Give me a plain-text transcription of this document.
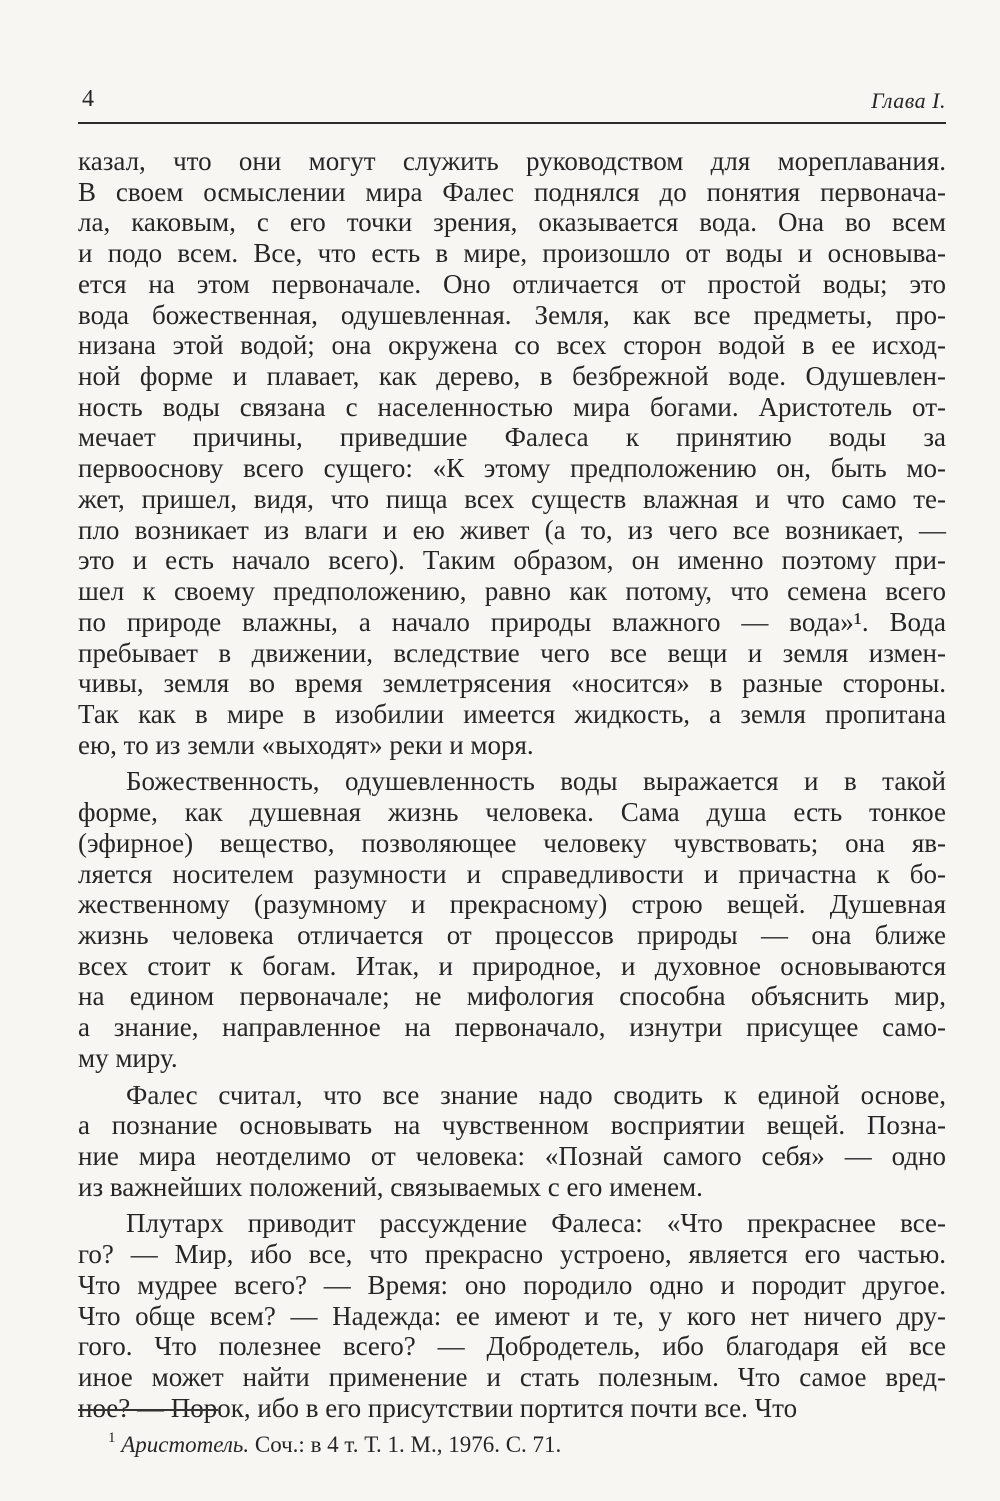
4	Глава I.
казал, что они могут служить руководством для мореплавания.
В своем осмыслении мира Фалес поднялся до понятия первонача-
ла, каковым, с его точки зрения, оказывается вода. Она во всем
и подо всем. Все, что есть в мире, произошло от воды и основыва-
ется на этом первоначале. Оно отличается от простой воды; это
вода божественная, одушевленная. Земля, как все предметы, про-
низана этой водой; она окружена со всех сторон водой в ее исход-
ной форме и плавает, как дерево, в безбрежной воде. Одушевлен-
ность воды связана с населенностью мира богами. Аристотель от-
мечает причины, приведшие Фалеса к принятию воды за
первооснову всего сущего: «К этому предположению он, быть мо-
жет, пришел, видя, что пища всех существ влажная и что само те-
пло возникает из влаги и ею живет (а то, из чего все возникает, —
это и есть начало всего). Таким образом, он именно поэтому при-
шел к своему предположению, равно как потому, что семена всего
по природе влажны, а начало природы влажного — вода»¹. Вода
пребывает в движении, вследствие чего все вещи и земля измен-
чивы, земля во время землетрясения «носится» в разные стороны.
Так как в мире в изобилии имеется жидкость, а земля пропитана
ею, то из земли «выходят» реки и моря.
Божественность, одушевленность воды выражается и в такой
форме, как душевная жизнь человека. Сама душа есть тонкое
(эфирное) вещество, позволяющее человеку чувствовать; она яв-
ляется носителем разумности и справедливости и причастна к бо-
жественному (разумному и прекрасному) строю вещей. Душевная
жизнь человека отличается от процессов природы — она ближе
всех стоит к богам. Итак, и природное, и духовное основываются
на едином первоначале; не мифология способна объяснить мир,
а знание, направленное на первоначало, изнутри присущее само-
му миру.
Фалес считал, что все знание надо сводить к единой основе,
а познание основывать на чувственном восприятии вещей. Позна-
ние мира неотделимо от человека: «Познай самого себя» — одно
из важнейших положений, связываемых с его именем.
Плутарх приводит рассуждение Фалеса: «Что прекраснее все-
го? — Мир, ибо все, что прекрасно устроено, является его частью.
Что мудрее всего? — Время: оно породило одно и породит другое.
Что обще всем? — Надежда: ее имеют и те, у кого нет ничего дру-
гого. Что полезнее всего? — Добродетель, ибо благодаря ей все
иное может найти применение и стать полезным. Что самое вред-
ное? — Порок, ибо в его присутствии портится почти все. Что
$^1$ Аристотель. Соч.: в 4 т. Т. 1. М., 1976. С. 71.
